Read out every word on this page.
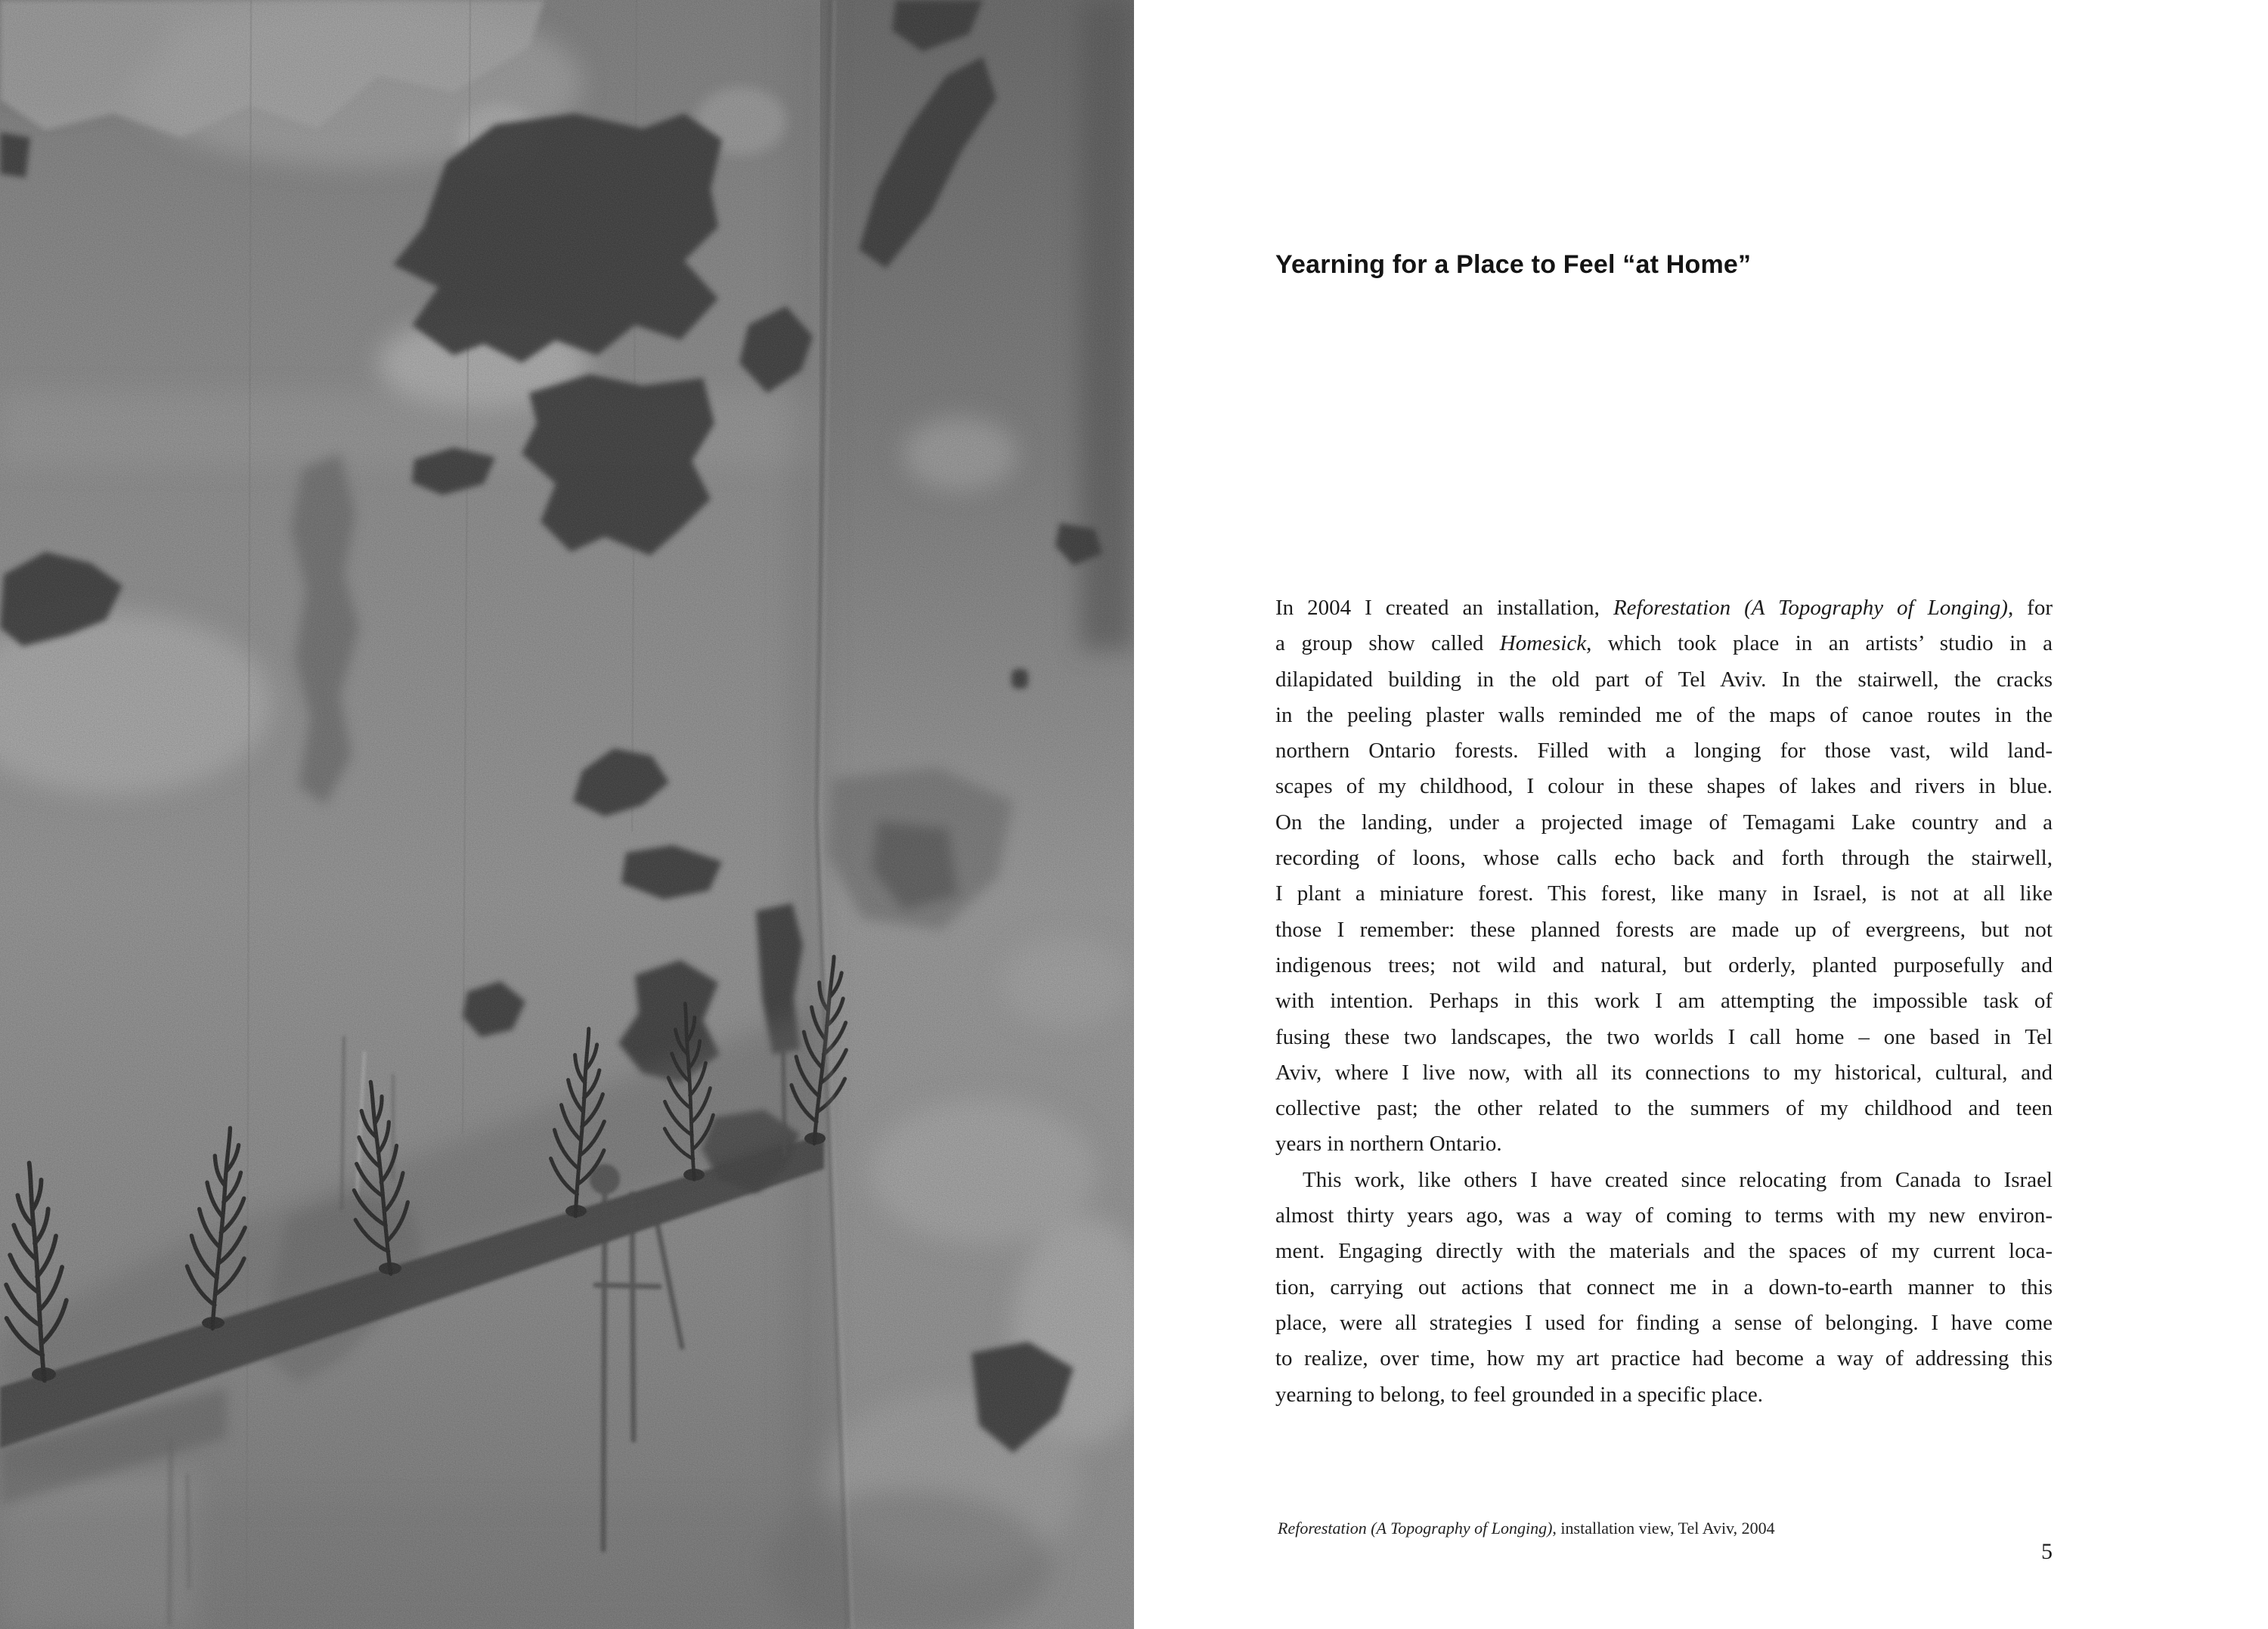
Yearning for a Place to Feel “at Home”
In 2004 I created an installation, Reforestation (A Topography of Longing), for
a group show called Homesick, which took place in an artists’ studio in a
dilapidated building in the old part of Tel Aviv. In the stairwell, the cracks
in the peeling plaster walls reminded me of the maps of canoe routes in the
northern Ontario forests. Filled with a longing for those vast, wild land-
scapes of my childhood, I colour in these shapes of lakes and rivers in blue.
On the landing, under a projected image of Temagami Lake country and a
recording of loons, whose calls echo back and forth through the stairwell,
I plant a miniature forest. This forest, like many in Israel, is not at all like
those I remember: these planned forests are made up of evergreens, but not
indigenous trees; not wild and natural, but orderly, planted purposefully and
with intention. Perhaps in this work I am attempting the impossible task of
fusing these two landscapes, the two worlds I call home – one based in Tel
Aviv, where I live now, with all its connections to my historical, cultural, and
collective past; the other related to the summers of my childhood and teen
years in northern Ontario.
This work, like others I have created since relocating from Canada to Israel
almost thirty years ago, was a way of coming to terms with my new environ-
ment. Engaging directly with the materials and the spaces of my current loca-
tion, carrying out actions that connect me in a down-to-earth manner to this
place, were all strategies I used for finding a sense of belonging. I have come
to realize, over time, how my art practice had become a way of addressing this
yearning to belong, to feel grounded in a specific place.
Reforestation (A Topography of Longing), installation view, Tel Aviv, 2004
5
